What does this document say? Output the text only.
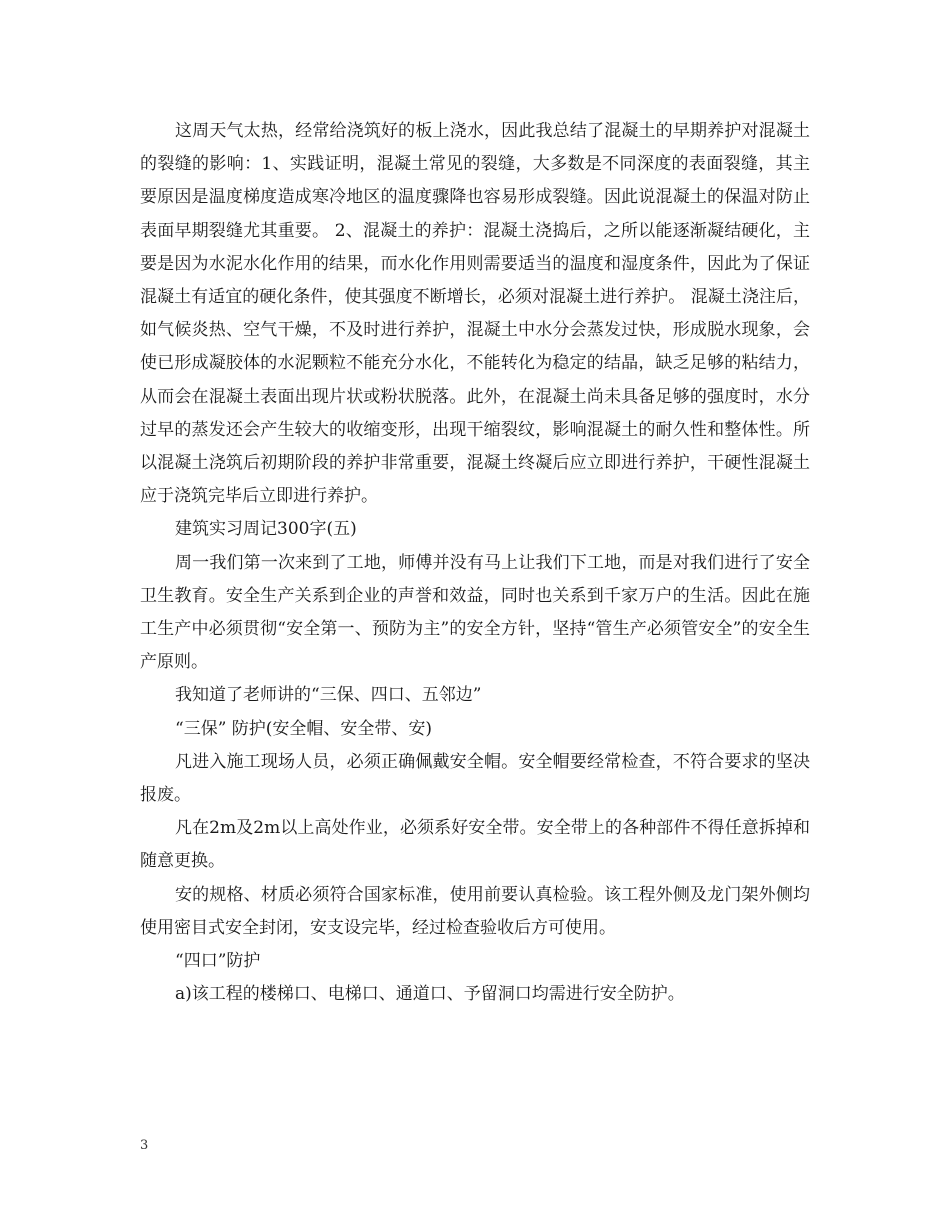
这周天气太热，经常给浇筑好的板上浇水，因此我总结了混凝土的早期养护对混凝土的裂缝的影响：1、实践证明，混凝土常见的裂缝，大多数是不同深度的表面裂缝，其主要原因是温度梯度造成寒冷地区的温度骤降也容易形成裂缝。因此说混凝土的保温对防止表面早期裂缝尤其重要。 2、混凝土的养护：混凝土浇捣后，之所以能逐渐凝结硬化，主要是因为水泥水化作用的结果，而水化作用则需要适当的温度和湿度条件，因此为了保证混凝土有适宜的硬化条件，使其强度不断增长，必须对混凝土进行养护。 混凝土浇注后，如气候炎热、空气干燥，不及时进行养护，混凝土中水分会蒸发过快，形成脱水现象，会使已形成凝胶体的水泥颗粒不能充分水化，不能转化为稳定的结晶，缺乏足够的粘结力，从而会在混凝土表面出现片状或粉状脱落。此外，在混凝土尚未具备足够的强度时，水分过早的蒸发还会产生较大的收缩变形，出现干缩裂纹，影响混凝土的耐久性和整体性。所以混凝土浇筑后初期阶段的养护非常重要，混凝土终凝后应立即进行养护，干硬性混凝土应于浇筑完毕后立即进行养护。

建筑实习周记300字(五)

周一我们第一次来到了工地，师傅并没有马上让我们下工地，而是对我们进行了安全卫生教育。安全生产关系到企业的声誉和效益，同时也关系到千家万户的生活。因此在施工生产中必须贯彻“安全第一、预防为主”的安全方针，坚持“管生产必须管安全”的安全生产原则。

我知道了老师讲的“三保、四口、五邻边”

“三保” 防护(安全帽、安全带、安)

凡进入施工现场人员，必须正确佩戴安全帽。安全帽要经常检查，不符合要求的坚决报废。

凡在2m及2m以上高处作业，必须系好安全带。安全带上的各种部件不得任意拆掉和随意更换。

安的规格、材质必须符合国家标准，使用前要认真检验。该工程外侧及龙门架外侧均使用密目式安全封闭，安支设完毕，经过检查验收后方可使用。

“四口”防护

a)该工程的楼梯口、电梯口、通道口、予留洞口均需进行安全防护。

3
